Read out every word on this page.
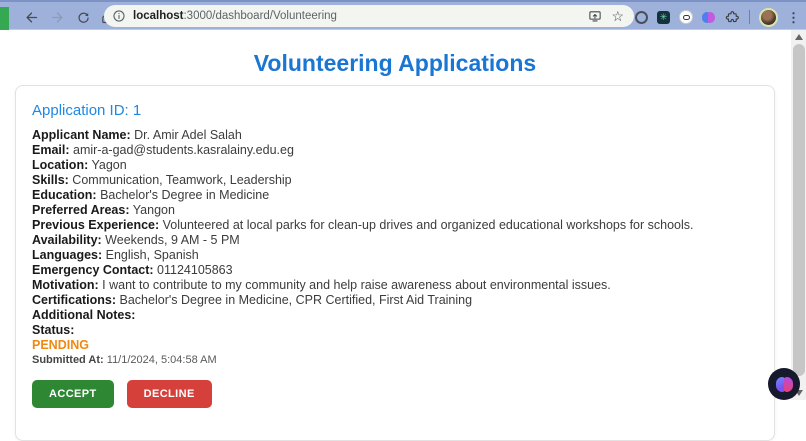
localhost:3000/dashboard/Volunteering	☆	✳	⋮
Volunteering Applications
Application ID: 1
Applicant Name: Dr. Amir Adel Salah
Email: amir-a-gad@students.kasralainy.edu.eg
Location: Yagon
Skills: Communication, Teamwork, Leadership
Education: Bachelor's Degree in Medicine
Preferred Areas: Yangon
Previous Experience: Volunteered at local parks for clean-up drives and organized educational workshops for schools.
Availability: Weekends, 9 AM - 5 PM
Languages: English, Spanish
Emergency Contact: 01124105863
Motivation: I want to contribute to my community and help raise awareness about environmental issues.
Certifications: Bachelor's Degree in Medicine, CPR Certified, First Aid Training
Additional Notes:
Status:
PENDING
Submitted At: 11/1/2024, 5:04:58 AM
ACCEPT	DECLINE
